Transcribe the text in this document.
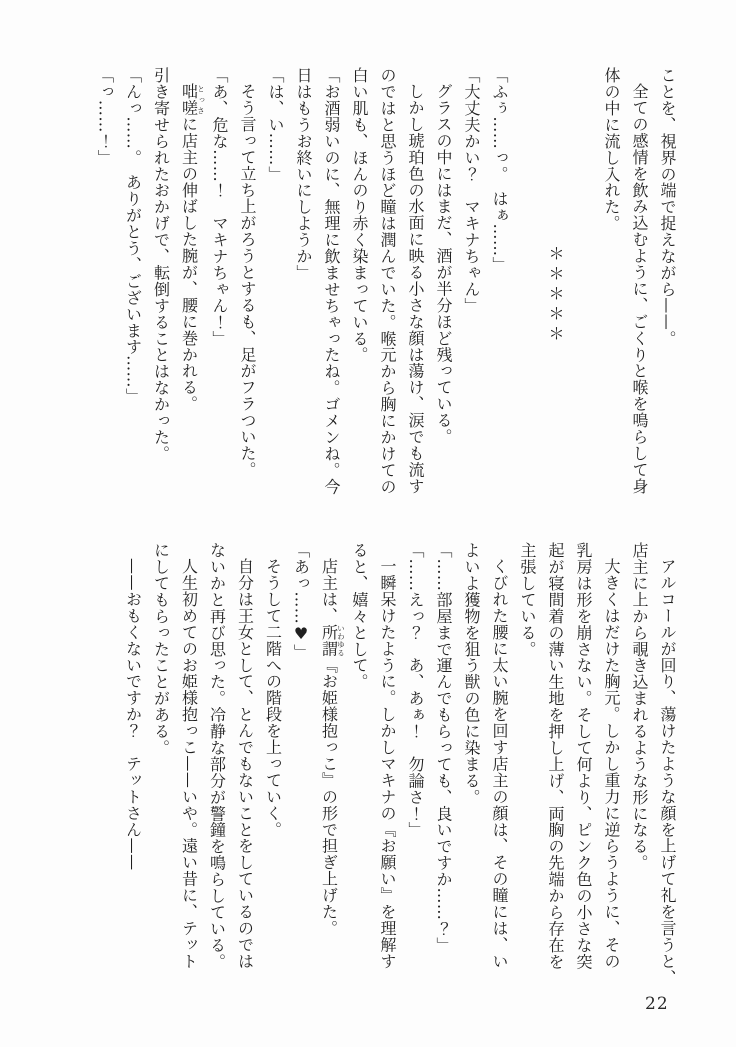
ことを、視界の端で捉えながら——。

全ての感情を飲み込むように、ごくりと喉を鳴らして身

体の中に流し入れた。

＊＊＊＊＊

「ふぅ……っ。　はぁ……」

「大丈夫かい？　マキナちゃん」

グラスの中にはまだ、酒が半分ほど残っている。

しかし琥珀色の水面に映る小さな顔は蕩け、涙でも流す

のではと思うほど瞳は潤んでいた。喉元から胸にかけての

白い肌も、ほんのり赤く染まっている。

「お酒弱いのに、無理に飲ませちゃったね。ゴメンね。今

日はもうお終いにしようか」

「は、い……」

そう言って立ち上がろうとするも、足がフラついた。

「あ、危な……！　マキナちゃん！」

咄嗟とっさに店主の伸ばした腕が、腰に巻かれる。

引き寄せられたおかげで、転倒することはなかった。

「んっ……。　ありがとう、ございます……」

「っ……！」

アルコールが回り、蕩けたような顔を上げて礼を言うと、

店主に上から覗き込まれるような形になる。

大きくはだけた胸元。しかし重力に逆らうように、その

乳房は形を崩さない。そして何より、ピンク色の小さな突

起が寝間着の薄い生地を押し上げ、両胸の先端から存在を

主張している。

くびれた腰に太い腕を回す店主の顔は、その瞳には、い

よいよ獲物を狙う獣の色に染まる。

「……部屋まで運んでもらっても、良いですか……？」

「……えっ？　あ、あぁ！　勿論さ！」

一瞬呆けたように。しかしマキナの『お願い』を理解す

ると、嬉々として。

店主は、所謂いわゆる『お姫様抱っこ』の形で担ぎ上げた。

「あっ……♥」

そうして二階への階段を上っていく。

自分は王女として、とんでもないことをしているのでは

ないかと再び思った。冷静な部分が警鐘を鳴らしている。

人生初めてのお姫様抱っこ——いや。遠い昔に、テット

にしてもらったことがある。

——おもくないですか？　テットさん——

22
